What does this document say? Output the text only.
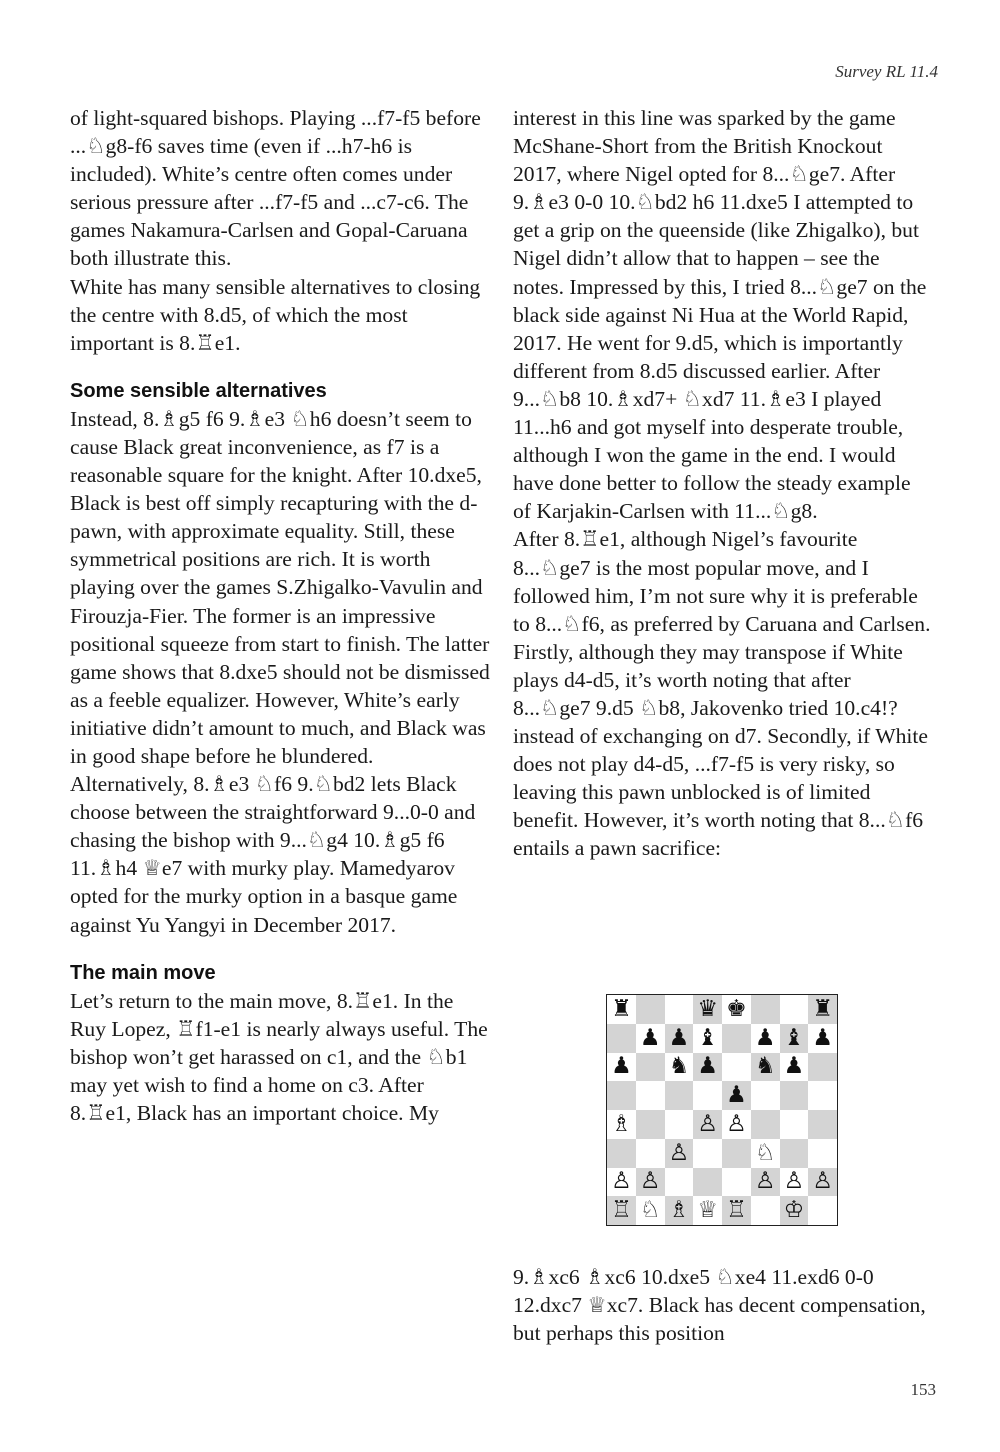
Survey RL 11.4

of light-squared bishops. Playing ...f7-f5 before ...♘g8-f6 saves time (even if ...h7-h6 is included). White’s centre often comes under serious pressure after ...f7-f5 and ...c7-c6. The games Nakamura-Carlsen and Gopal-Caruana both illustrate this.

White has many sensible alternatives to closing the centre with 8.d5, of which the most important is 8.♖e1.

Some sensible alternatives

Instead, 8.♗g5 f6 9.♗e3 ♘h6 doesn’t seem to cause Black great inconvenience, as f7 is a reasonable square for the knight. After 10.dxe5, Black is best off simply recapturing with the d-pawn, with approximate equality. Still, these symmetrical positions are rich. It is worth playing over the games S.Zhigalko-Vavulin and Firouzja-Fier. The former is an impressive positional squeeze from start to finish. The latter game shows that 8.dxe5 should not be dismissed as a feeble equalizer. However, White’s early initiative didn’t amount to much, and Black was in good shape before he blundered.

Alternatively, 8.♗e3 ♘f6 9.♘bd2 lets Black choose between the straightforward 9...0-0 and chasing the bishop with 9...♘g4 10.♗g5 f6 11.♗h4 ♕e7 with murky play. Mamedyarov opted for the murky option in a basque game against Yu Yangyi in December 2017.

The main move

Let’s return to the main move, 8.♖e1. In the Ruy Lopez, ♖f1-e1 is nearly always useful. The bishop won’t get harassed on c1, and the ♘b1 may yet wish to find a home on c3. After 8.♖e1, Black has an important choice. My

interest in this line was sparked by the game McShane-Short from the British Knockout 2017, where Nigel opted for 8...♘ge7. After 9.♗e3 0-0 10.♘bd2 h6 11.dxe5 I attempted to get a grip on the queenside (like Zhigalko), but Nigel didn’t allow that to happen – see the notes. Impressed by this, I tried 8...♘ge7 on the black side against Ni Hua at the World Rapid, 2017. He went for 9.d5, which is importantly different from 8.d5 discussed earlier. After 9...♘b8 10.♗xd7+ ♘xd7 11.♗e3 I played 11...h6 and got myself into desperate trouble, although I won the game in the end. I would have done better to follow the steady example of Karjakin-Carlsen with 11...♘g8.

After 8.♖e1, although Nigel’s favourite 8...♘ge7 is the most popular move, and I followed him, I’m not sure why it is preferable to 8...♘f6, as preferred by Caruana and Carlsen. Firstly, although they may transpose if White plays d4-d5, it’s worth noting that after 8...♘ge7 9.d5 ♘b8, Jakovenko tried 10.c4!? instead of exchanging on d7. Secondly, if White does not play d4-d5, ...f7-f5 is very risky, so leaving this pawn unblocked is of limited benefit. However, it’s worth noting that 8...♘f6 entails a pawn sacrifice:

♜	♛ ♚	♜
♟ ♟ ♝ ♟ ♝ ♟
♟ ♞ ♟ ♞ ♟
♟
♗	♙ ♙
♙	♘
♙ ♙	♙ ♙ ♙
♖ ♘ ♗ ♕ ♖ ♔

9.♗xc6 ♗xc6 10.dxe5 ♘xe4 11.exd6 0-0 12.dxc7 ♕xc7. Black has decent compensation, but perhaps this position

153
